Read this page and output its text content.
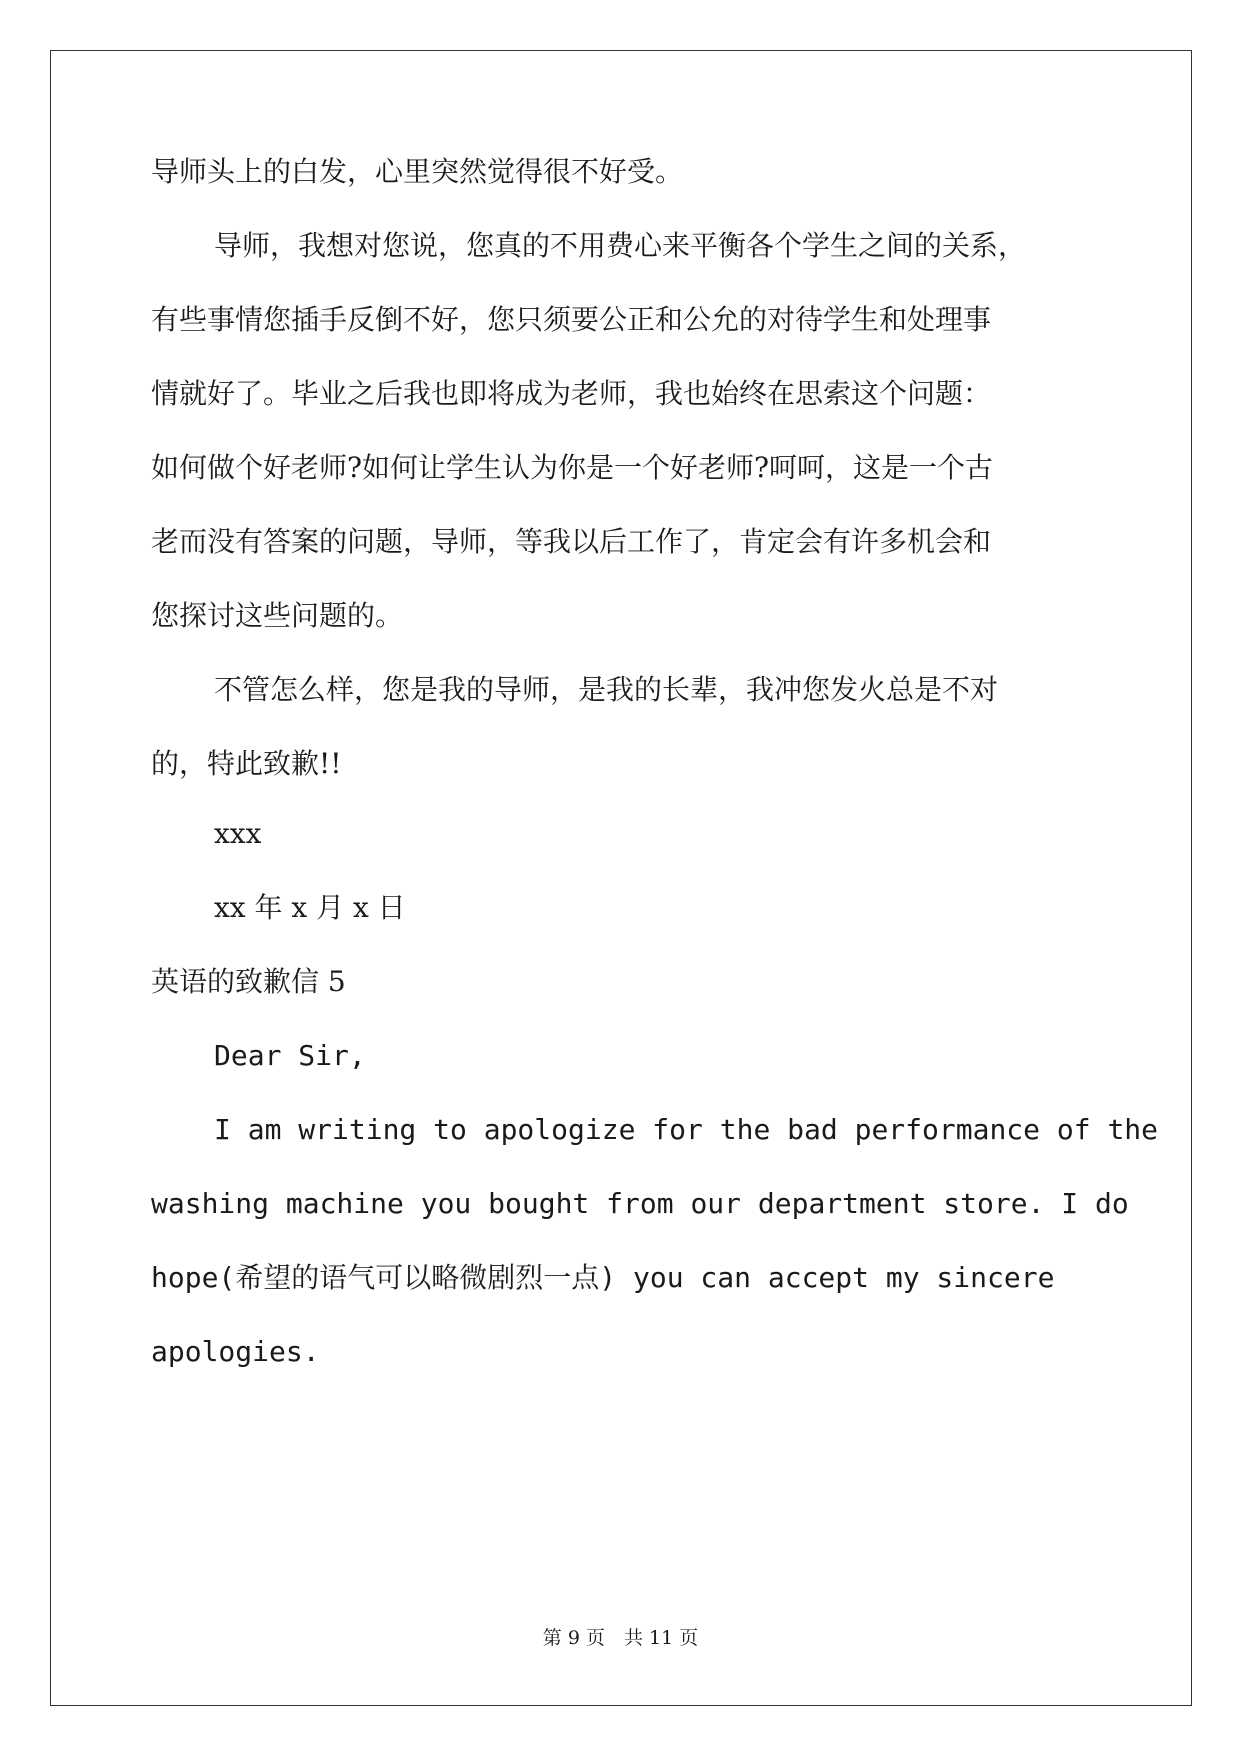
导师头上的白发，心里突然觉得很不好受。
导师，我想对您说，您真的不用费心来平衡各个学生之间的关系，
有些事情您插手反倒不好，您只须要公正和公允的对待学生和处理事
情就好了。毕业之后我也即将成为老师，我也始终在思索这个问题：
如何做个好老师?如何让学生认为你是一个好老师?呵呵，这是一个古
老而没有答案的问题，导师，等我以后工作了，肯定会有许多机会和
您探讨这些问题的。
不管怎么样，您是我的导师，是我的长辈，我冲您发火总是不对
的，特此致歉!!
xxx
xx 年 x 月 x 日
英语的致歉信 5
Dear Sir,
I am writing to apologize for the bad performance of the
washing machine you bought from our department store. I do
hope(希望的语气可以略微剧烈一点) you can accept my sincere
apologies.
第 9 页　共 11 页
